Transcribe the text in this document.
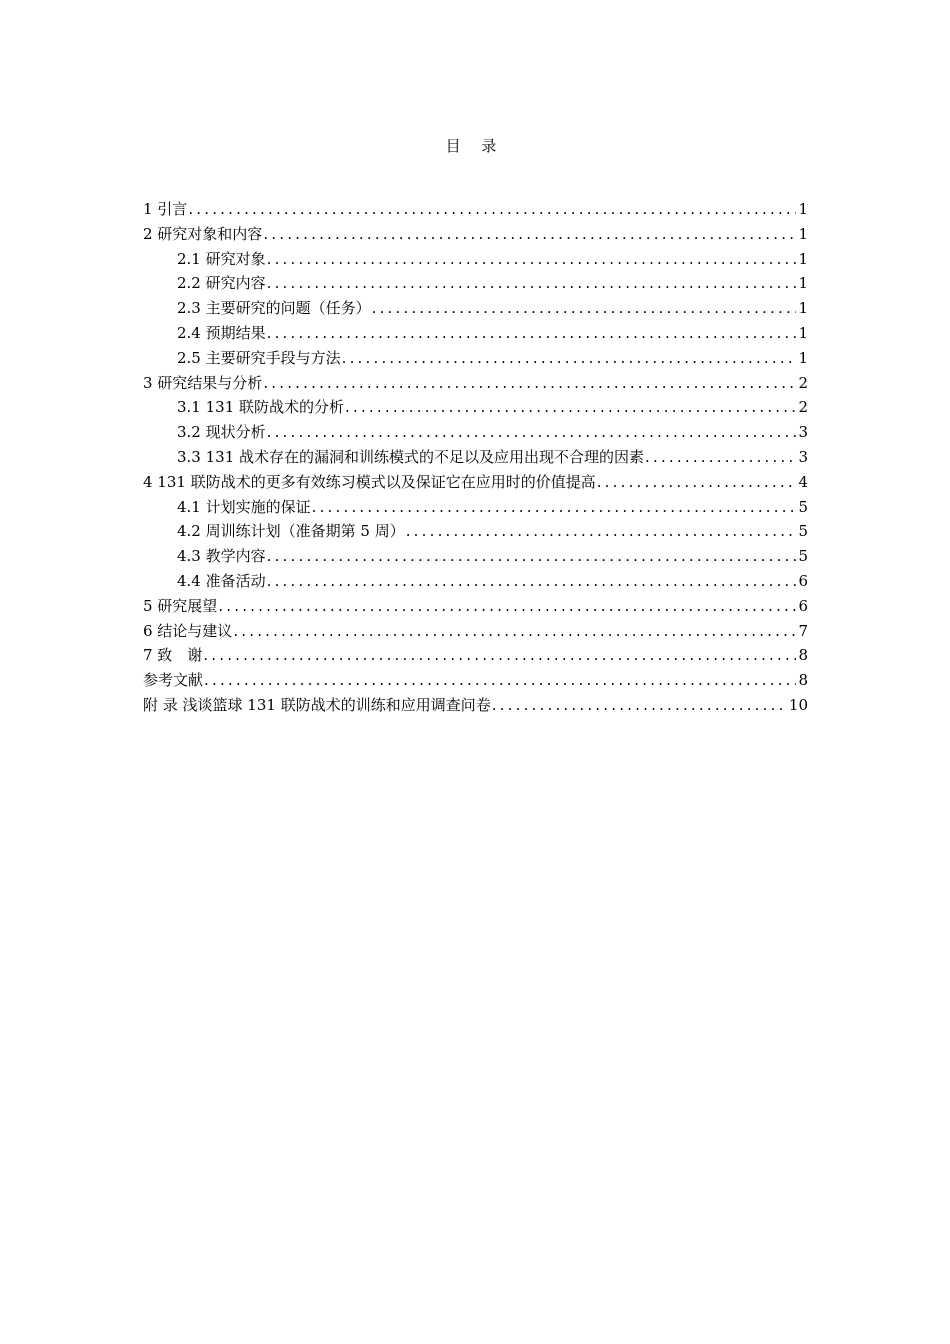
目 录
1 引言 .....	1
2 研究对象和内容 .....	1
2.1 研究对象 .....	1
2.2 研究内容 .....	1
2.3 主要研究的问题（任务） .....	1
2.4 预期结果 .....	1
2.5 主要研究手段与方法 .....	1
3 研究结果与分析 .....	2
3.1 131 联防战术的分析 .....	2
3.2 现状分析 .....	3
3.3 131 战术存在的漏洞和训练模式的不足以及应用出现不合理的因素 .....	3
4 131 联防战术的更多有效练习模式以及保证它在应用时的价值提高 .....	4
4.1 计划实施的保证 .....	5
4.2 周训练计划（准备期第 5 周） .....	5
4.3 教学内容 .....	5
4.4 准备活动 .....	6
5 研究展望 .....	6
6 结论与建议 .....	7
7 致　谢 .....	8
参考文献 .....	8
附 录 浅谈篮球 131 联防战术的训练和应用调查问卷 .....	10
